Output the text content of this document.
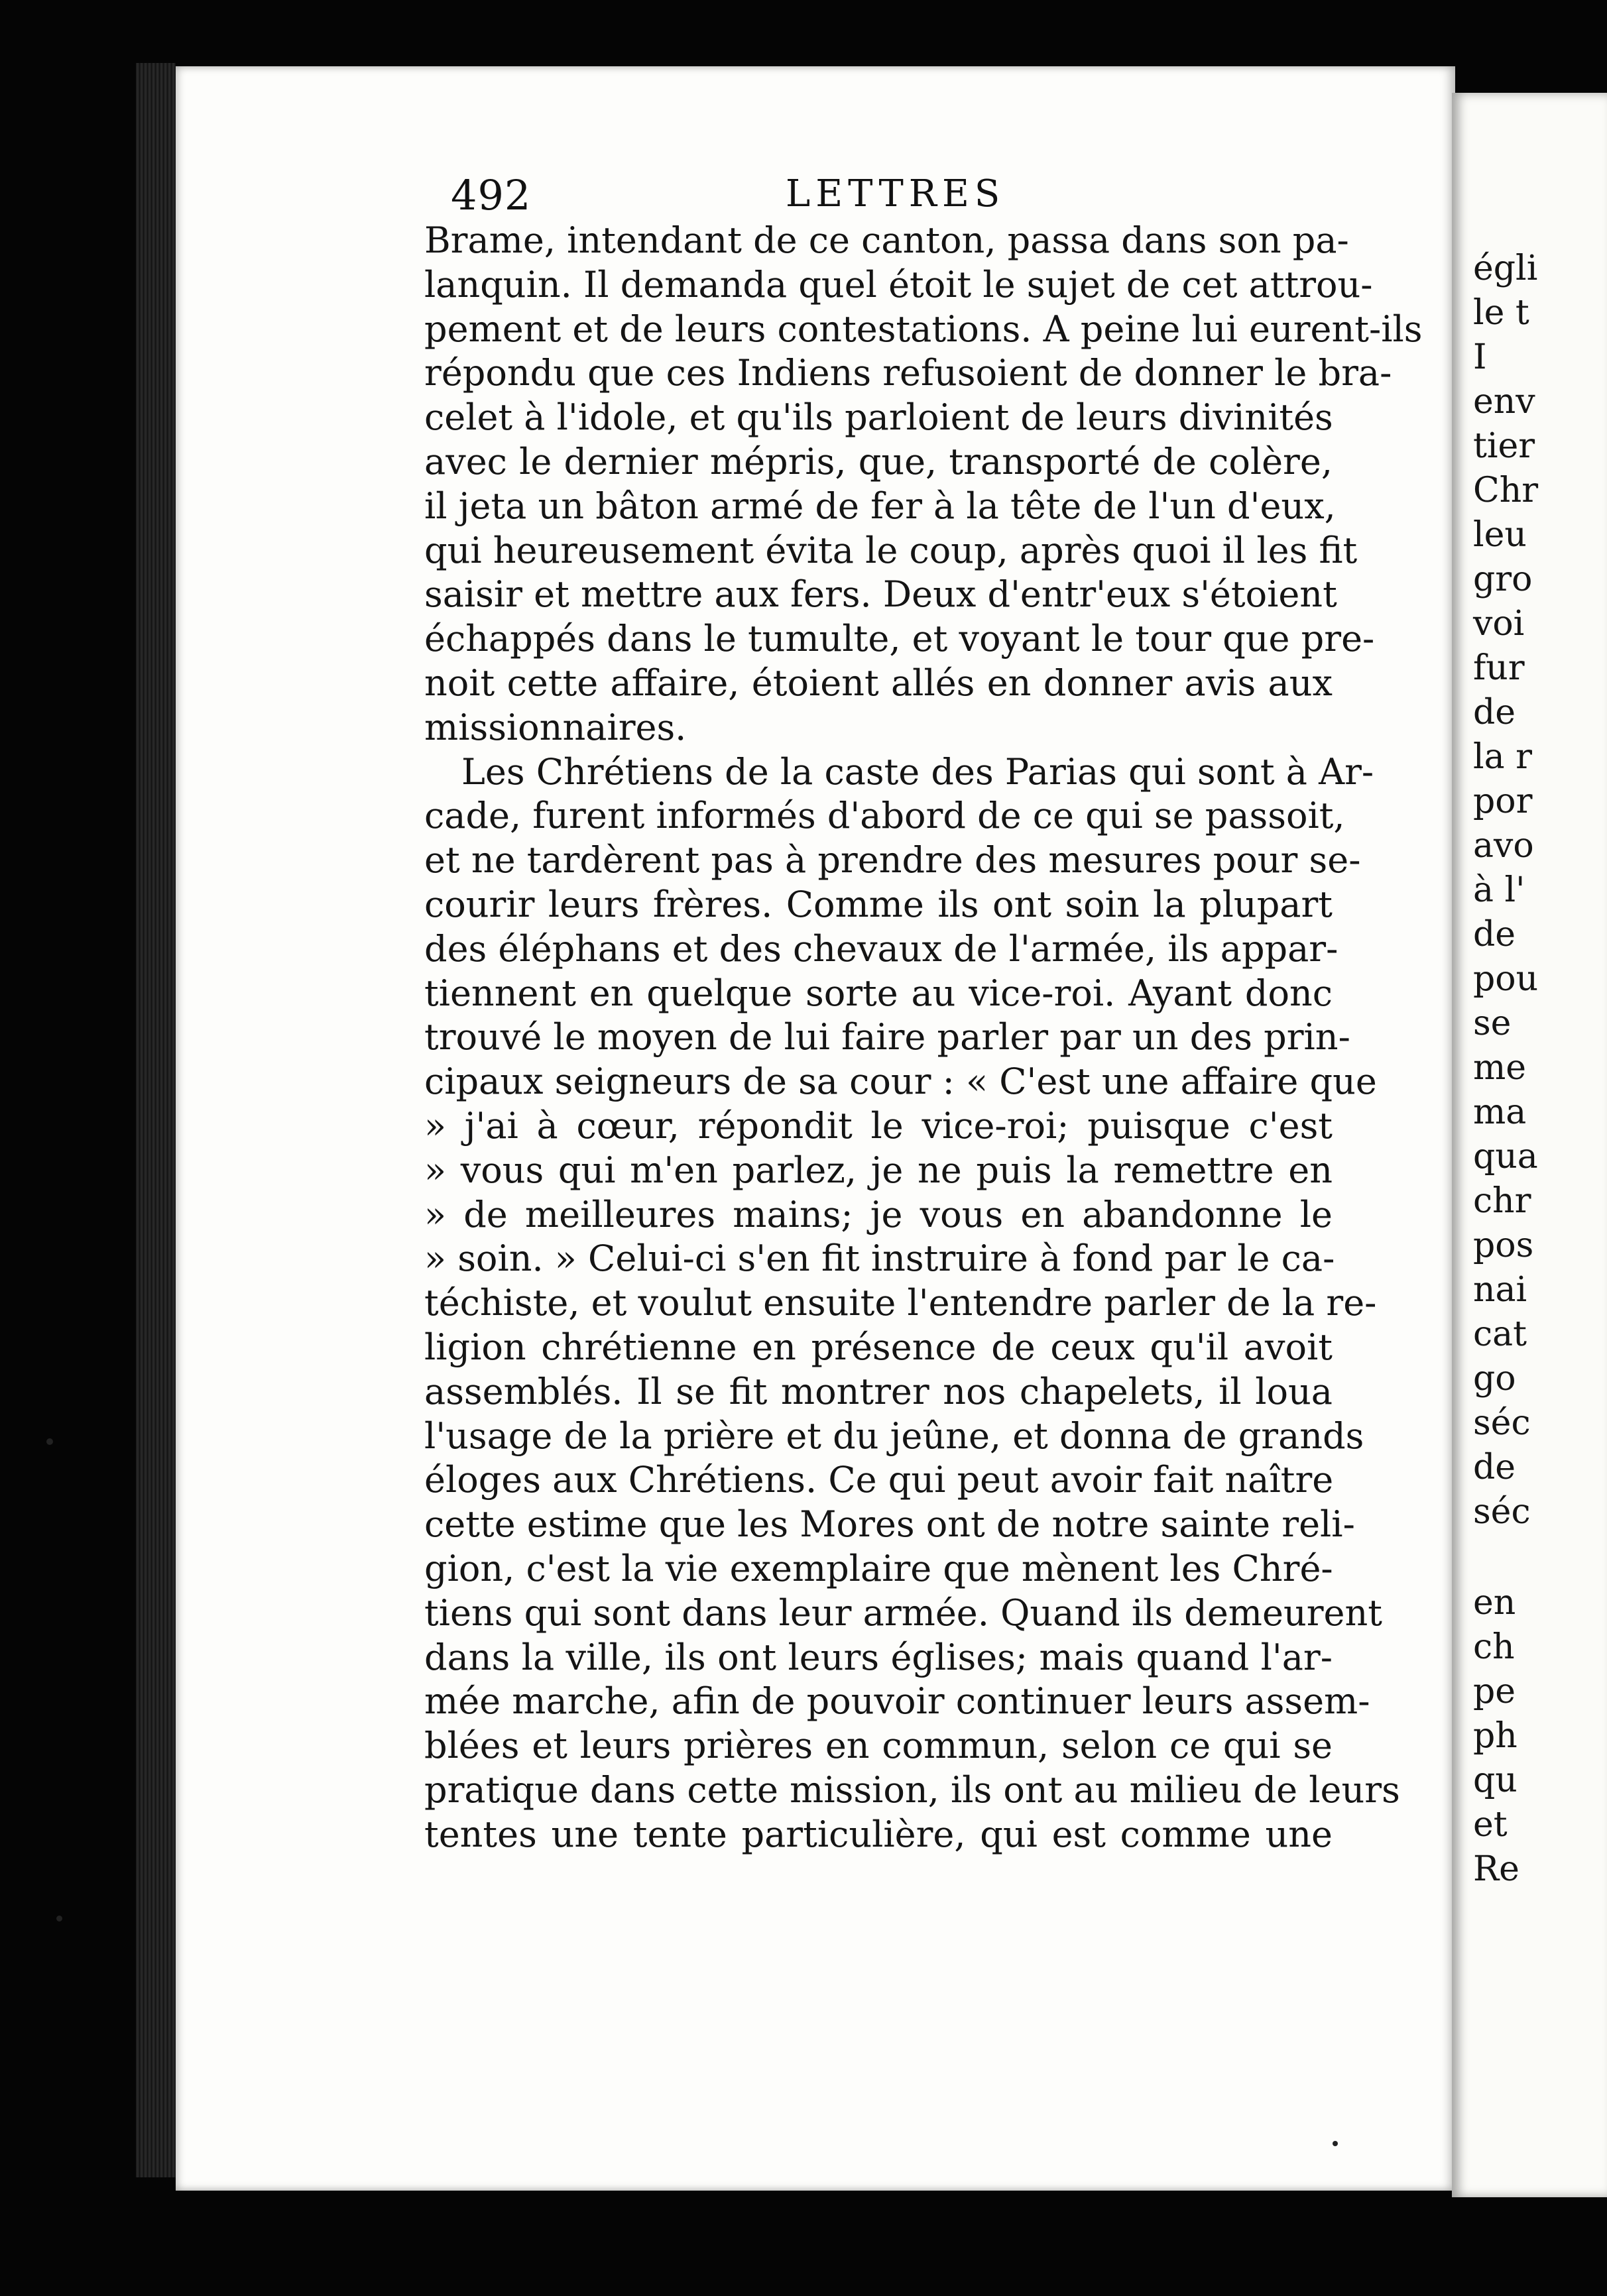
492	LETTRES
Brame, intendant de ce canton, passa dans son pa-
lanquin. Il demanda quel étoit le sujet de cet attrou-
pement et de leurs contestations. A peine lui eurent-ils
répondu que ces Indiens refusoient de donner le bra-
celet à l'idole, et qu'ils parloient de leurs divinités
avec le dernier mépris, que, transporté de colère,
il jeta un bâton armé de fer à la tête de l'un d'eux,
qui heureusement évita le coup, après quoi il les fit
saisir et mettre aux fers. Deux d'entr'eux s'étoient
échappés dans le tumulte, et voyant le tour que pre-
noit cette affaire, étoient allés en donner avis aux
missionnaires.
Les Chrétiens de la caste des Parias qui sont à Ar-
cade, furent informés d'abord de ce qui se passoit,
et ne tardèrent pas à prendre des mesures pour se-
courir leurs frères. Comme ils ont soin la plupart
des éléphans et des chevaux de l'armée, ils appar-
tiennent en quelque sorte au vice-roi. Ayant donc
trouvé le moyen de lui faire parler par un des prin-
cipaux seigneurs de sa cour : « C'est une affaire que
» j'ai à cœur, répondit le vice-roi; puisque c'est
» vous qui m'en parlez, je ne puis la remettre en
» de meilleures mains; je vous en abandonne le
» soin. » Celui-ci s'en fit instruire à fond par le ca-
téchiste, et voulut ensuite l'entendre parler de la re-
ligion chrétienne en présence de ceux qu'il avoit
assemblés. Il se fit montrer nos chapelets, il loua
l'usage de la prière et du jeûne, et donna de grands
éloges aux Chrétiens. Ce qui peut avoir fait naître
cette estime que les Mores ont de notre sainte reli-
gion, c'est la vie exemplaire que mènent les Chré-
tiens qui sont dans leur armée. Quand ils demeurent
dans la ville, ils ont leurs églises; mais quand l'ar-
mée marche, afin de pouvoir continuer leurs assem-
blées et leurs prières en commun, selon ce qui se
pratique dans cette mission, ils ont au milieu de leurs
tentes une tente particulière, qui est comme une
égli
le t
I
env
tier
Chr
leu
gro
voi
fur
de
la r
por
avo
à l'
de
pou
se
me
ma
qua
chr
pos
nai
cat
go
séc
de
séc
en
ch
pe
ph
qu
et
Re
